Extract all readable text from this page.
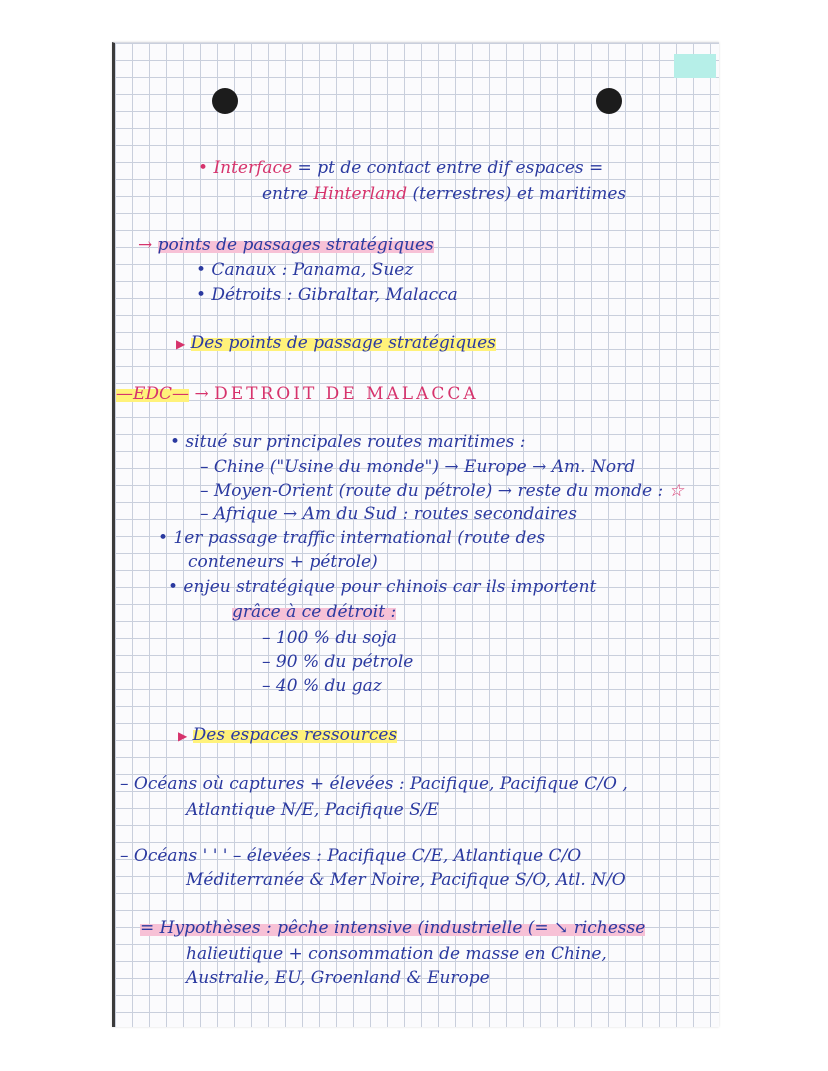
• Interface = pt de contact entre dif espaces =
entre Hinterland (terrestres) et maritimes
→ points de passages stratégiques
• Canaux : Panama, Suez
• Détroits : Gibraltar, Malacca
▶ Des points de passage stratégiques
—EDC— → DETROIT DE MALACCA
• situé sur principales routes maritimes :
– Chine ("Usine du monde") → Europe → Am. Nord
– Moyen-Orient (route du pétrole) → reste du monde : ☆
– Afrique → Am du Sud : routes secondaires
• 1er passage traffic international (route des
conteneurs + pétrole)
• enjeu stratégique pour chinois car ils importent
grâce à ce détroit :
– 100 % du soja
– 90 % du pétrole
– 40 % du gaz
▶ Des espaces ressources
– Océans où captures + élevées : Pacifique, Pacifique C/O ,
Atlantique N/E, Pacifique S/E
– Océans ' ' ' – élevées : Pacifique C/E, Atlantique C/O
Méditerranée & Mer Noire, Pacifique S/O, Atl. N/O
= Hypothèses : pêche intensive (industrielle (= ↘ richesse
halieutique + consommation de masse en Chine,
Australie, EU, Groenland & Europe
